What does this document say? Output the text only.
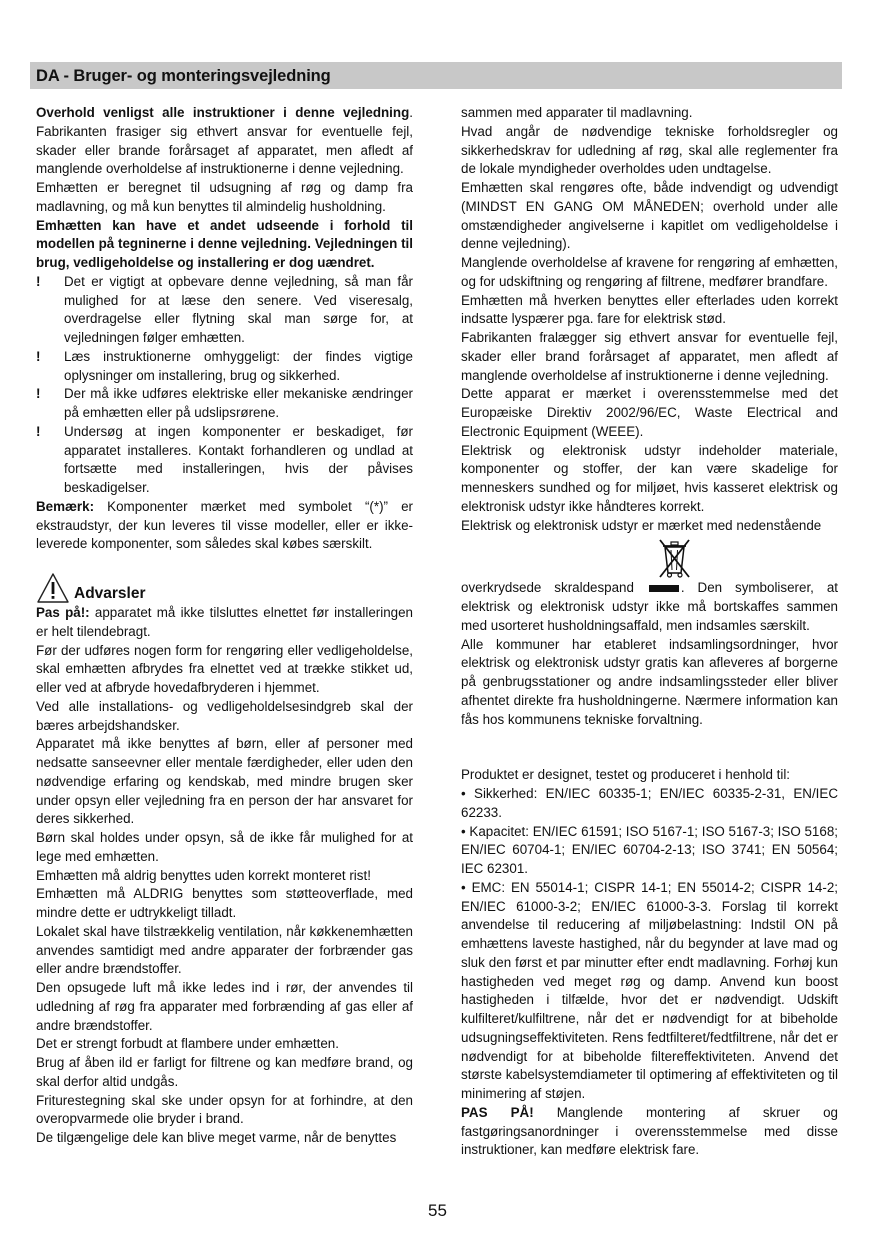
DA - Bruger- og monteringsvejledning

Overhold venligst alle instruktioner i denne vejledning. Fabrikanten frasiger sig ethvert ansvar for eventuelle fejl, skader eller brande forårsaget af apparatet, men afledt af manglende overholdelse af instruktionerne i denne vejledning.

Emhætten er beregnet til udsugning af røg og damp fra madlavning, og må kun benyttes til almindelig husholdning.

Emhætten kan have et andet udseende i forhold til modellen på tegninerne i denne vejledning. Vejledningen til brug, vedligeholdelse og installering er dog uændret.

!	Det er vigtigt at opbevare denne vejledning, så man får mulighed for at læse den senere. Ved viseresalg, overdragelse eller flytning skal man sørge for, at vejledningen følger emhætten.
!	Læs instruktionerne omhyggeligt: der findes vigtige oplysninger om installering, brug og sikkerhed.
!	Der må ikke udføres elektriske eller mekaniske ændringer på emhætten eller på udslipsrørene.
!	Undersøg at ingen komponenter er beskadiget, før apparatet installeres. Kontakt forhandleren og undlad at fortsætte med installeringen, hvis der påvises beskadigelser.

Bemærk: Komponenter mærket med symbolet “(*)” er ekstraudstyr, der kun leveres til visse modeller, eller er ikke-leverede komponenter, som således skal købes særskilt.

Advarsler

Pas på!: apparatet må ikke tilsluttes elnettet før installeringen er helt tilendebragt.

Før der udføres nogen form for rengøring eller vedligeholdelse, skal emhætten afbrydes fra elnettet ved at trække stikket ud, eller ved at afbryde hovedafbryderen i hjemmet.

Ved alle installations- og vedligeholdelsesindgreb skal der bæres arbejdshandsker.

Apparatet må ikke benyttes af børn, eller af personer med nedsatte sanseevner eller mentale færdigheder, eller uden den nødvendige erfaring og kendskab, med mindre brugen sker under opsyn eller vejledning fra en person der har ansvaret for deres sikkerhed.

Børn skal holdes under opsyn, så de ikke får mulighed for at lege med emhætten.

Emhætten må aldrig benyttes uden korrekt monteret rist!

Emhætten må ALDRIG benyttes som støtteoverflade, med mindre dette er udtrykkeligt tilladt.

Lokalet skal have tilstrækkelig ventilation, når køkkenemhætten anvendes samtidigt med andre apparater der forbrænder gas eller andre brændstoffer.

Den opsugede luft må ikke ledes ind i rør, der anvendes til udledning af røg fra apparater med forbrænding af gas eller af andre brændstoffer.

Det er strengt forbudt at flambere under emhætten.

Brug af åben ild er farligt for filtrene og kan medføre brand, og skal derfor altid undgås.

Friturestegning skal ske under opsyn for at forhindre, at den overopvarmede olie bryder i brand.

De tilgængelige dele kan blive meget varme, når de benyttes

sammen med apparater til madlavning.

Hvad angår de nødvendige tekniske forholdsregler og sikkerhedskrav for udledning af røg, skal alle reglementer fra de lokale myndigheder overholdes uden undtagelse.

Emhætten skal rengøres ofte, både indvendigt og udvendigt (MINDST EN GANG OM MÅNEDEN; overhold under alle omstændigheder angivelserne i kapitlet om vedligeholdelse i denne vejledning).

Manglende overholdelse af kravene for rengøring af emhætten, og for udskiftning og rengøring af filtrene, medfører brandfare.

Emhætten må hverken benyttes eller efterlades uden korrekt indsatte lyspærer pga. fare for elektrisk stød.

Fabrikanten fralægger sig ethvert ansvar for eventuelle fejl, skader eller brand forårsaget af apparatet, men afledt af manglende overholdelse af instruktionerne i denne vejledning.

Dette apparat er mærket i overensstemmelse med det Europæiske Direktiv 2002/96/EC, Waste Electrical and Electronic Equipment (WEEE).

Elektrisk og elektronisk udstyr indeholder materiale, komponenter og stoffer, der kan være skadelige for menneskers sundhed og for miljøet, hvis kasseret elektrisk og elektronisk udstyr ikke håndteres korrekt.

Elektrisk og elektronisk udstyr er mærket med nedenstående

overkrydsede skraldespand	. Den symboliserer, at elektrisk og elektronisk udstyr ikke må bortskaffes sammen med usorteret husholdningsaffald, men indsamles særskilt.

Alle kommuner har etableret indsamlingsordninger, hvor elektrisk og elektronisk udstyr gratis kan afleveres af borgerne på genbrugsstationer og andre indsamlingssteder eller bliver afhentet direkte fra husholdningerne. Nærmere information kan fås hos kommunens tekniske forvaltning.

Produktet er designet, testet og produceret i henhold til:

• Sikkerhed: EN/IEC 60335-1; EN/IEC 60335-2-31, EN/IEC 62233.

• Kapacitet: EN/IEC 61591; ISO 5167-1; ISO 5167-3; ISO 5168; EN/IEC 60704-1; EN/IEC 60704-2-13; ISO 3741; EN 50564; IEC 62301.

• EMC: EN 55014-1; CISPR 14-1; EN 55014-2; CISPR 14-2; EN/IEC 61000-3-2; EN/IEC 61000-3-3. Forslag til korrekt anvendelse til reducering af miljøbelastning: Indstil ON på emhættens laveste hastighed, når du begynder at lave mad og sluk den først et par minutter efter endt madlavning. Forhøj kun hastigheden ved meget røg og damp. Anvend kun boost hastigheden i tilfælde, hvor det er nødvendigt. Udskift kulfilteret/kulfiltrene, når det er nødvendigt for at bibeholde udsugningseffektiviteten. Rens fedtfilteret/fedtfiltrene, når det er nødvendigt for at bibeholde filtereffektiviteten. Anvend det største kabelsystemdiameter til optimering af effektiviteten og til minimering af støjen.

PAS PÅ! Manglende montering af skruer og fastgøringsanordninger i overensstemmelse med disse instruktioner, kan medføre elektrisk fare.

55
